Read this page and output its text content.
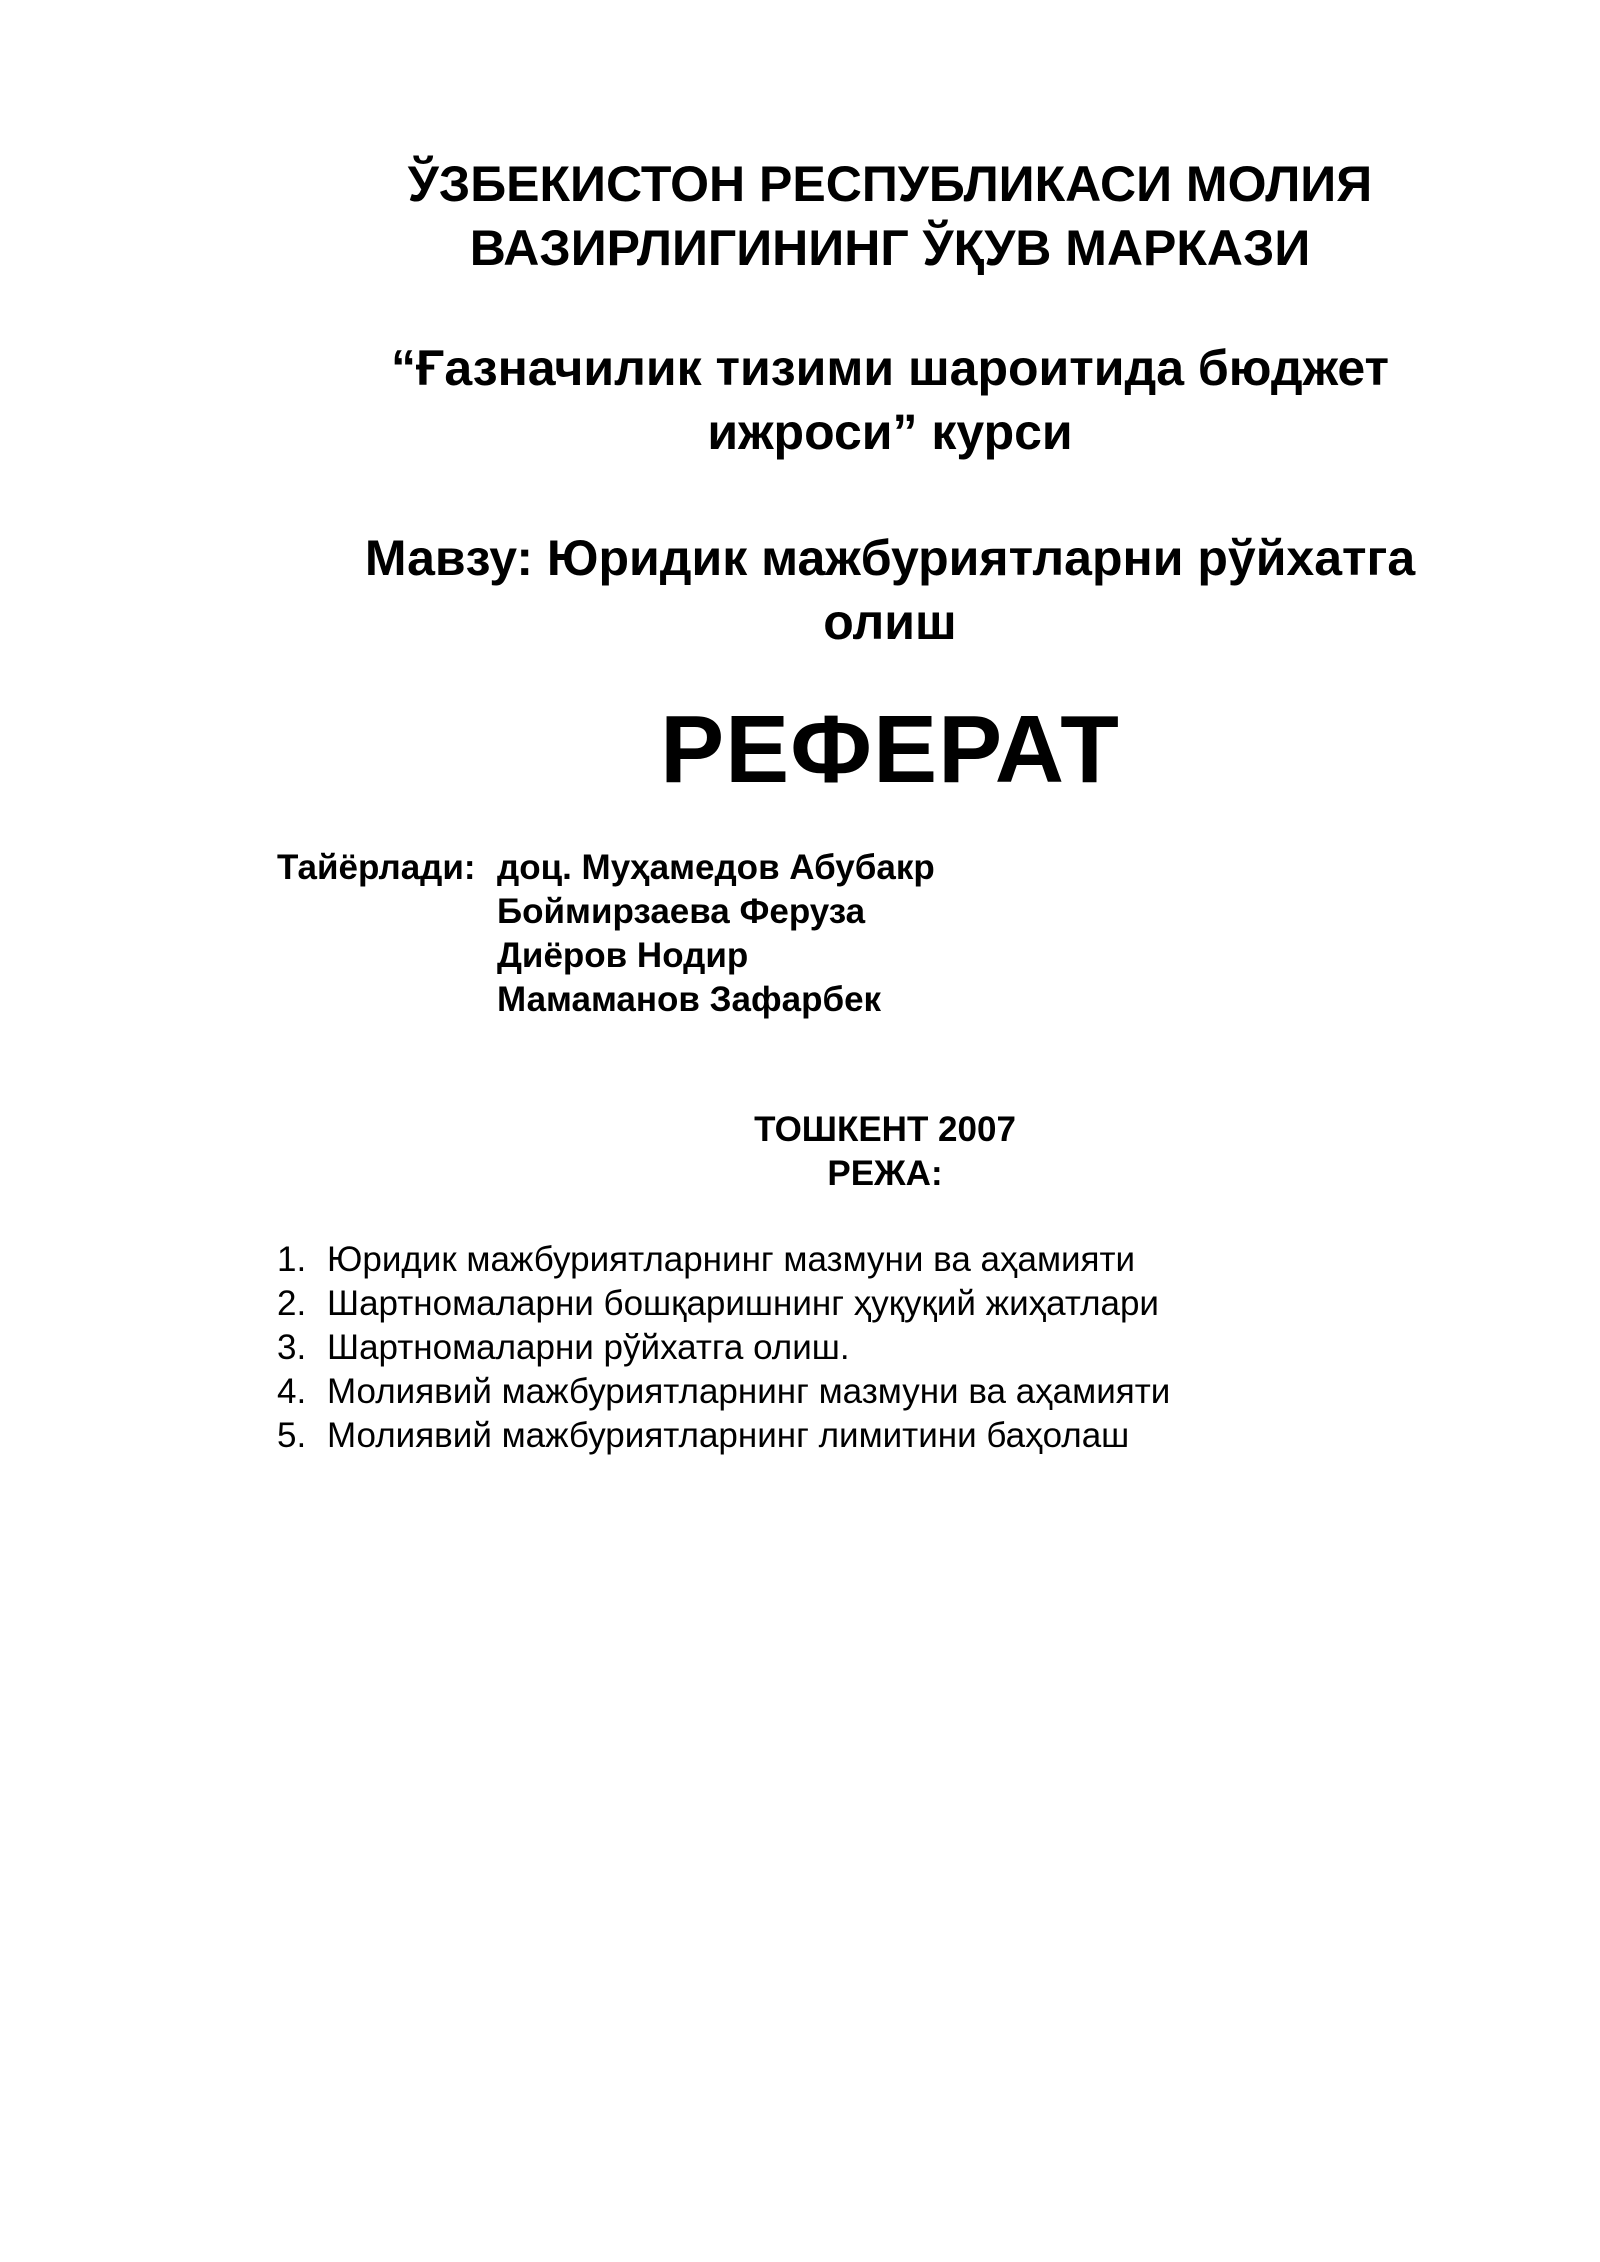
ЎЗБЕКИСТОН РЕСПУБЛИКАСИ МОЛИЯ
ВАЗИРЛИГИНИНГ ЎҚУВ МАРКАЗИ
“Ғазначилик тизими шароитида бюджет
ижроси” курси
Мавзу: Юридик мажбуриятларни рўйхатга
олиш
РЕФЕРАТ
Тайёрлади: доц. Муҳамедов Абубакр
Боймирзаева Феруза
Диёров Нодир
Мамаманов Зафарбек
ТОШКЕНТ 2007
РЕЖА:
1. Юридик мажбуриятларнинг мазмуни ва аҳамияти
2. Шартномаларни бошқаришнинг ҳуқуқий жиҳатлари
3. Шартномаларни рўйхатга олиш.
4. Молиявий мажбуриятларнинг мазмуни ва аҳамияти
5. Молиявий мажбуриятларнинг лимитини баҳолаш
